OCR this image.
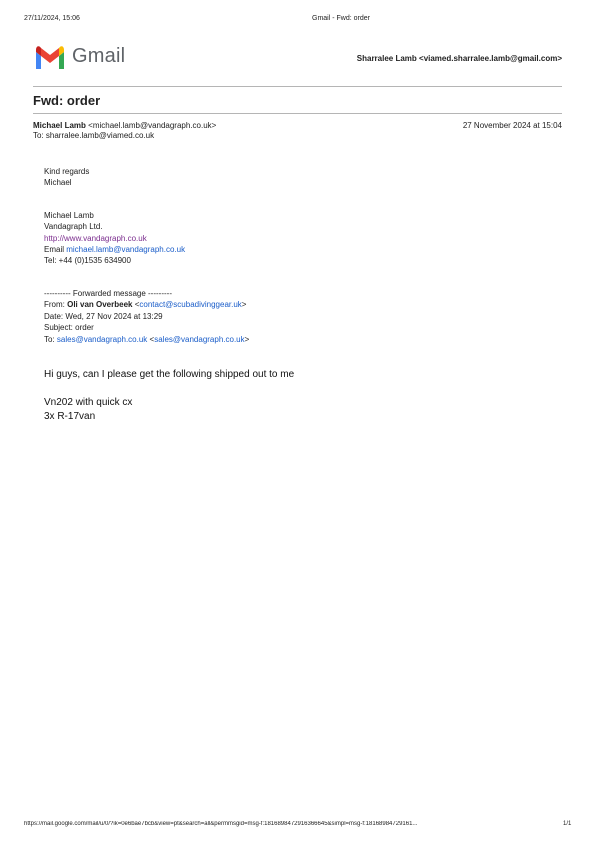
27/11/2024, 15:06	Gmail - Fwd: order
Gmail	Sharralee Lamb <viamed.sharralee.lamb@gmail.com>
Fwd: order
Michael Lamb <michael.lamb@vandagraph.co.uk>	27 November 2024 at 15:04
To: sharralee.lamb@viamed.co.uk
Kind regards
Michael
Michael Lamb
Vandagraph Ltd.
http://www.vandagraph.co.uk
Email michael.lamb@vandagraph.co.uk
Tel: +44 (0)1535 634900
---------- Forwarded message ---------
From: Oli van Overbeek <contact@scubadivinggear.uk>
Date: Wed, 27 Nov 2024 at 13:29
Subject: order
To: sales@vandagraph.co.uk <sales@vandagraph.co.uk>
Hi guys, can I please get the following shipped out to me
Vn202 with quick cx
3x R-17van
https://mail.google.com/mail/u/0/?ik=0e6bae7bcb&view=pt&search=all&permmsgid=msg-f:1816898472916366645&simpl=msg-f:18168984729161...	1/1
